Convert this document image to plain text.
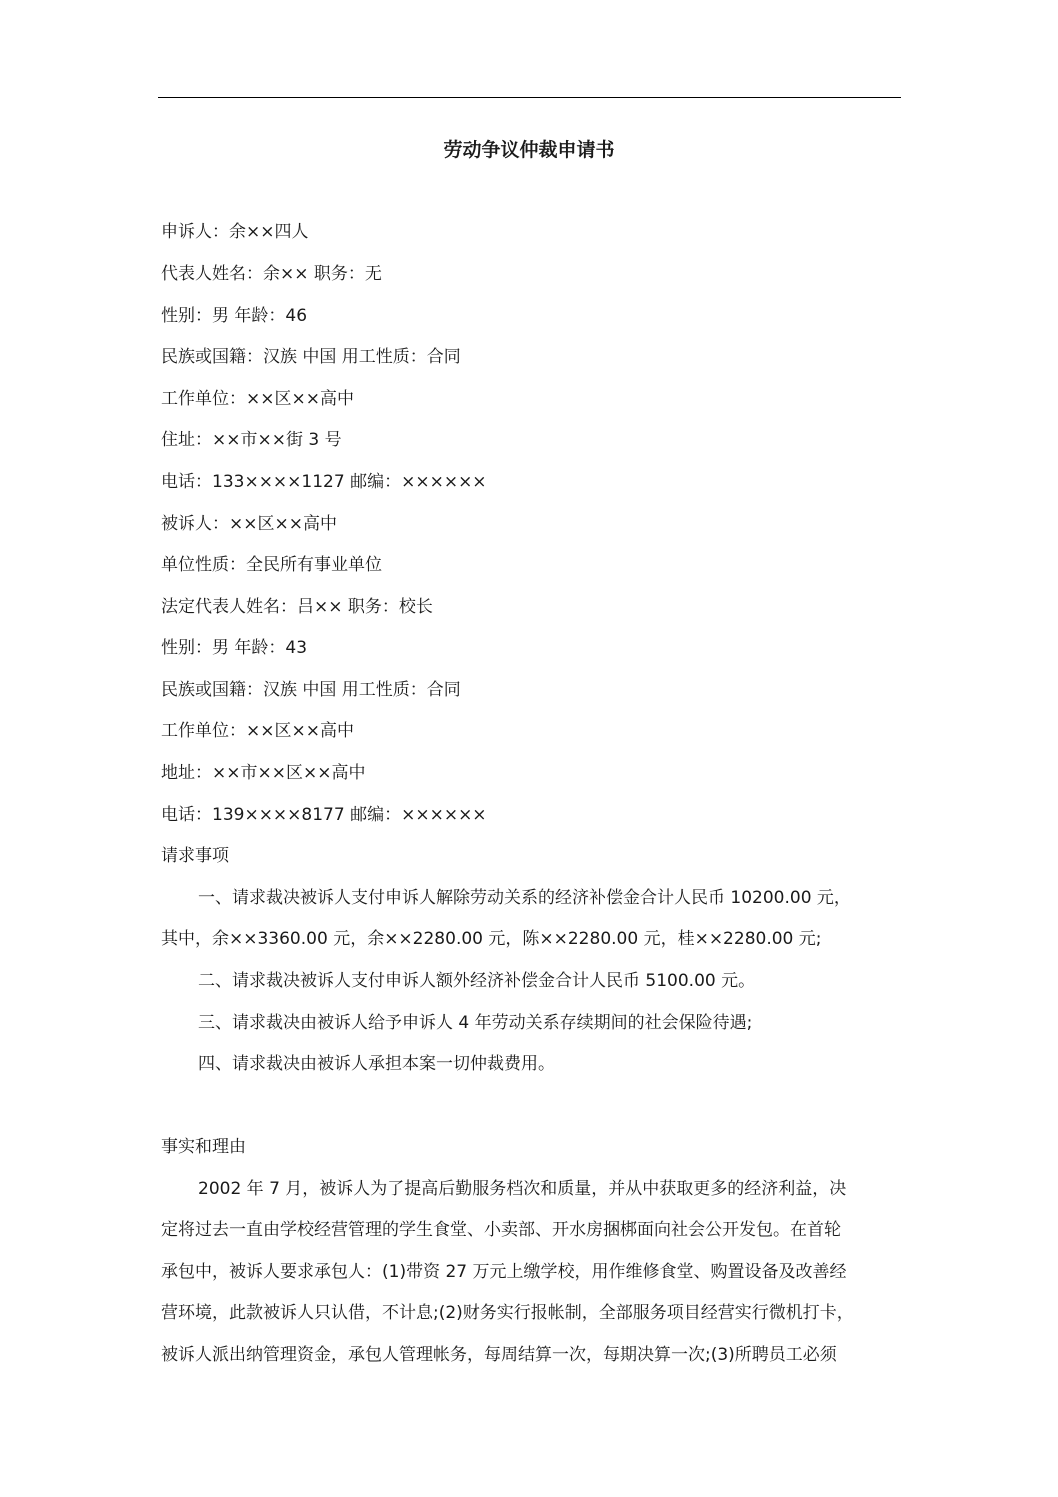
劳动争议仲裁申请书
申诉人：余××四人
代表人姓名：余×× 职务：无
性别：男 年龄：46
民族或国籍：汉族 中国 用工性质：合同
工作单位：××区××高中
住址：××市××街 3 号
电话：133××××1127 邮编：××××××
被诉人：××区××高中
单位性质：全民所有事业单位
法定代表人姓名：吕×× 职务：校长
性别：男 年龄：43
民族或国籍：汉族 中国 用工性质：合同
工作单位：××区××高中
地址：××市××区××高中
电话：139××××8177 邮编：××××××
请求事项
一、请求裁决被诉人支付申诉人解除劳动关系的经济补偿金合计人民币 10200.00 元，
其中，余××3360.00 元，余××2280.00 元，陈××2280.00 元，桂××2280.00 元;
二、请求裁决被诉人支付申诉人额外经济补偿金合计人民币 5100.00 元。
三、请求裁决由被诉人给予申诉人 4 年劳动关系存续期间的社会保险待遇;
四、请求裁决由被诉人承担本案一切仲裁费用。
事实和理由
2002 年 7 月，被诉人为了提高后勤服务档次和质量，并从中获取更多的经济利益，决
定将过去一直由学校经营管理的学生食堂、小卖部、开水房捆梆面向社会公开发包。在首轮
承包中，被诉人要求承包人：(1)带资 27 万元上缴学校，用作维修食堂、购置设备及改善经
营环境，此款被诉人只认借，不计息;(2)财务实行报帐制，全部服务项目经营实行微机打卡，
被诉人派出纳管理资金，承包人管理帐务，每周结算一次，每期决算一次;(3)所聘员工必须
